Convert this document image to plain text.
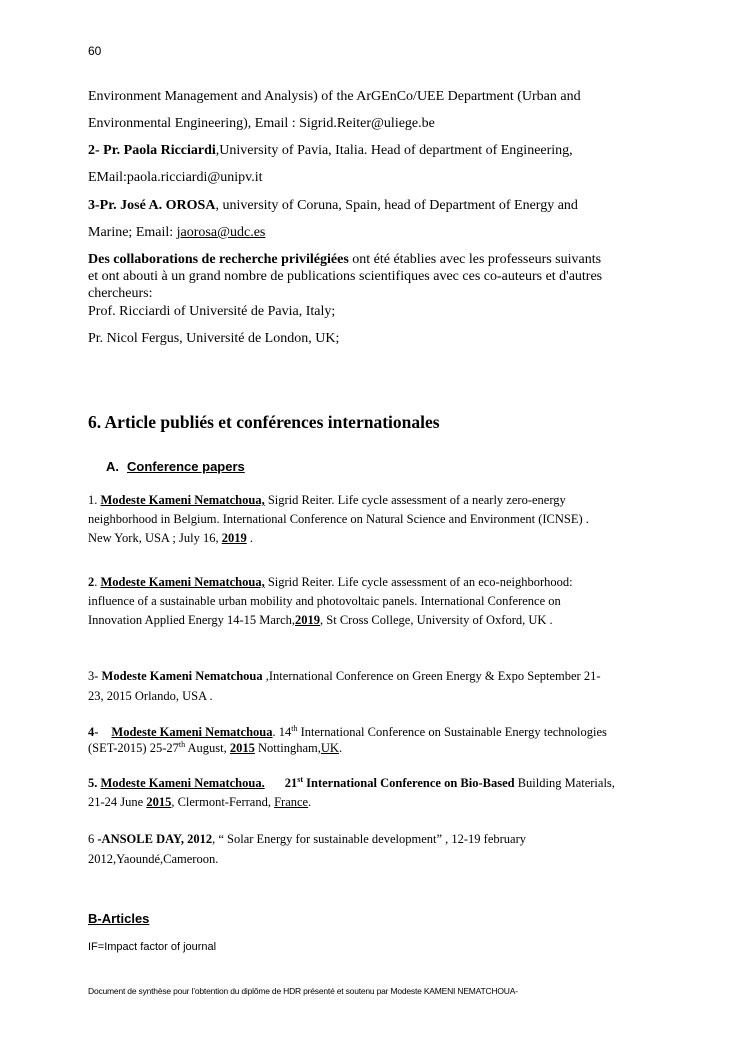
60
Environment Management and Analysis) of the ArGEnCo/UEE Department (Urban and
Environmental Engineering), Email : Sigrid.Reiter@uliege.be
2- Pr. Paola Ricciardi,University of Pavia, Italia. Head of department of Engineering,
EMail:paola.ricciardi@unipv.it
3-Pr. José A. OROSA, university of Coruna, Spain, head of Department of Energy and
Marine; Email: jaorosa@udc.es
Des collaborations de recherche privilégiées ont été établies avec les professeurs suivants
et ont abouti à un grand nombre de publications scientifiques avec ces co-auteurs et d'autres
chercheurs:
Prof. Ricciardi of Université de Pavia, Italy;
Pr. Nicol Fergus, Université de London, UK;
6. Article publiés et conférences internationales
A. Conference papers
1. Modeste Kameni Nematchoua, Sigrid Reiter. Life cycle assessment of a nearly zero-energy
neighborhood in Belgium. International Conference on Natural Science and Environment (ICNSE) .
New York, USA ; July 16, 2019 .
2. Modeste Kameni Nematchoua, Sigrid Reiter. Life cycle assessment of an eco-neighborhood:
influence of a sustainable urban mobility and photovoltaic panels. International Conference on
Innovation Applied Energy 14-15 March,2019, St Cross College, University of Oxford, UK .
3- Modeste Kameni Nematchoua ,International Conference on Green Energy & Expo September 21-
23, 2015 Orlando, USA .
4- Modeste Kameni Nematchoua. 14th International Conference on Sustainable Energy technologies
(SET-2015) 25-27th August, 2015 Nottingham,UK.
5. Modeste Kameni Nematchoua. 21st International Conference on Bio-Based Building Materials,
21-24 June 2015, Clermont-Ferrand, France.
6 -ANSOLE DAY, 2012, “ Solar Energy for sustainable development” , 12-19 february
2012,Yaoundé,Cameroon.
B-Articles
IF=Impact factor of journal
Document de synthèse pour l’obtention du diplôme de HDR présenté et soutenu par Modeste KAMENI NEMATCHOUA-
